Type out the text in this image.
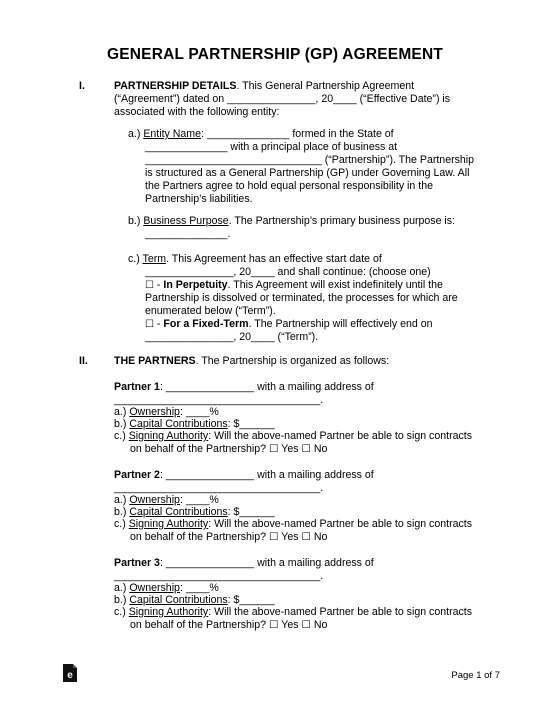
GENERAL PARTNERSHIP (GP) AGREEMENT
I.	PARTNERSHIP DETAILS. This General Partnership Agreement
(“Agreement”) dated on _______________, 20____ (“Effective Date”) is
associated with the following entity:
a.) Entity Name: ______________ formed in the State of
______________ with a principal place of business at
______________________________ (“Partnership”). The Partnership
is structured as a General Partnership (GP) under Governing Law. All
the Partners agree to hold equal personal responsibility in the
Partnership’s liabilities.
b.) Business Purpose. The Partnership’s primary business purpose is:
______________.
c.) Term. This Agreement has an effective start date of
_______________, 20____ and shall continue: (choose one)
☐ - In Perpetuity. This Agreement will exist indefinitely until the
Partnership is dissolved or terminated, the processes for which are
enumerated below (“Term”).
☐ - For a Fixed-Term. The Partnership will effectively end on
_______________, 20____ (“Term”).
II. THE PARTNERS. The Partnership is organized as follows:
Partner 1: _______________ with a mailing address of
___________________________________.
a.) Ownership: ____%
b.) Capital Contributions: $______
c.) Signing Authority: Will the above-named Partner be able to sign contracts
on behalf of the Partnership? ☐ Yes ☐ No
Partner 2: _______________ with a mailing address of
___________________________________.
a.) Ownership: ____%
b.) Capital Contributions: $______
c.) Signing Authority: Will the above-named Partner be able to sign contracts
on behalf of the Partnership? ☐ Yes ☐ No
Partner 3: _______________ with a mailing address of
___________________________________.
a.) Ownership: ____%
b.) Capital Contributions: $______
c.) Signing Authority: Will the above-named Partner be able to sign contracts
on behalf of the Partnership? ☐ Yes ☐ No
e	Page 1 of 7
